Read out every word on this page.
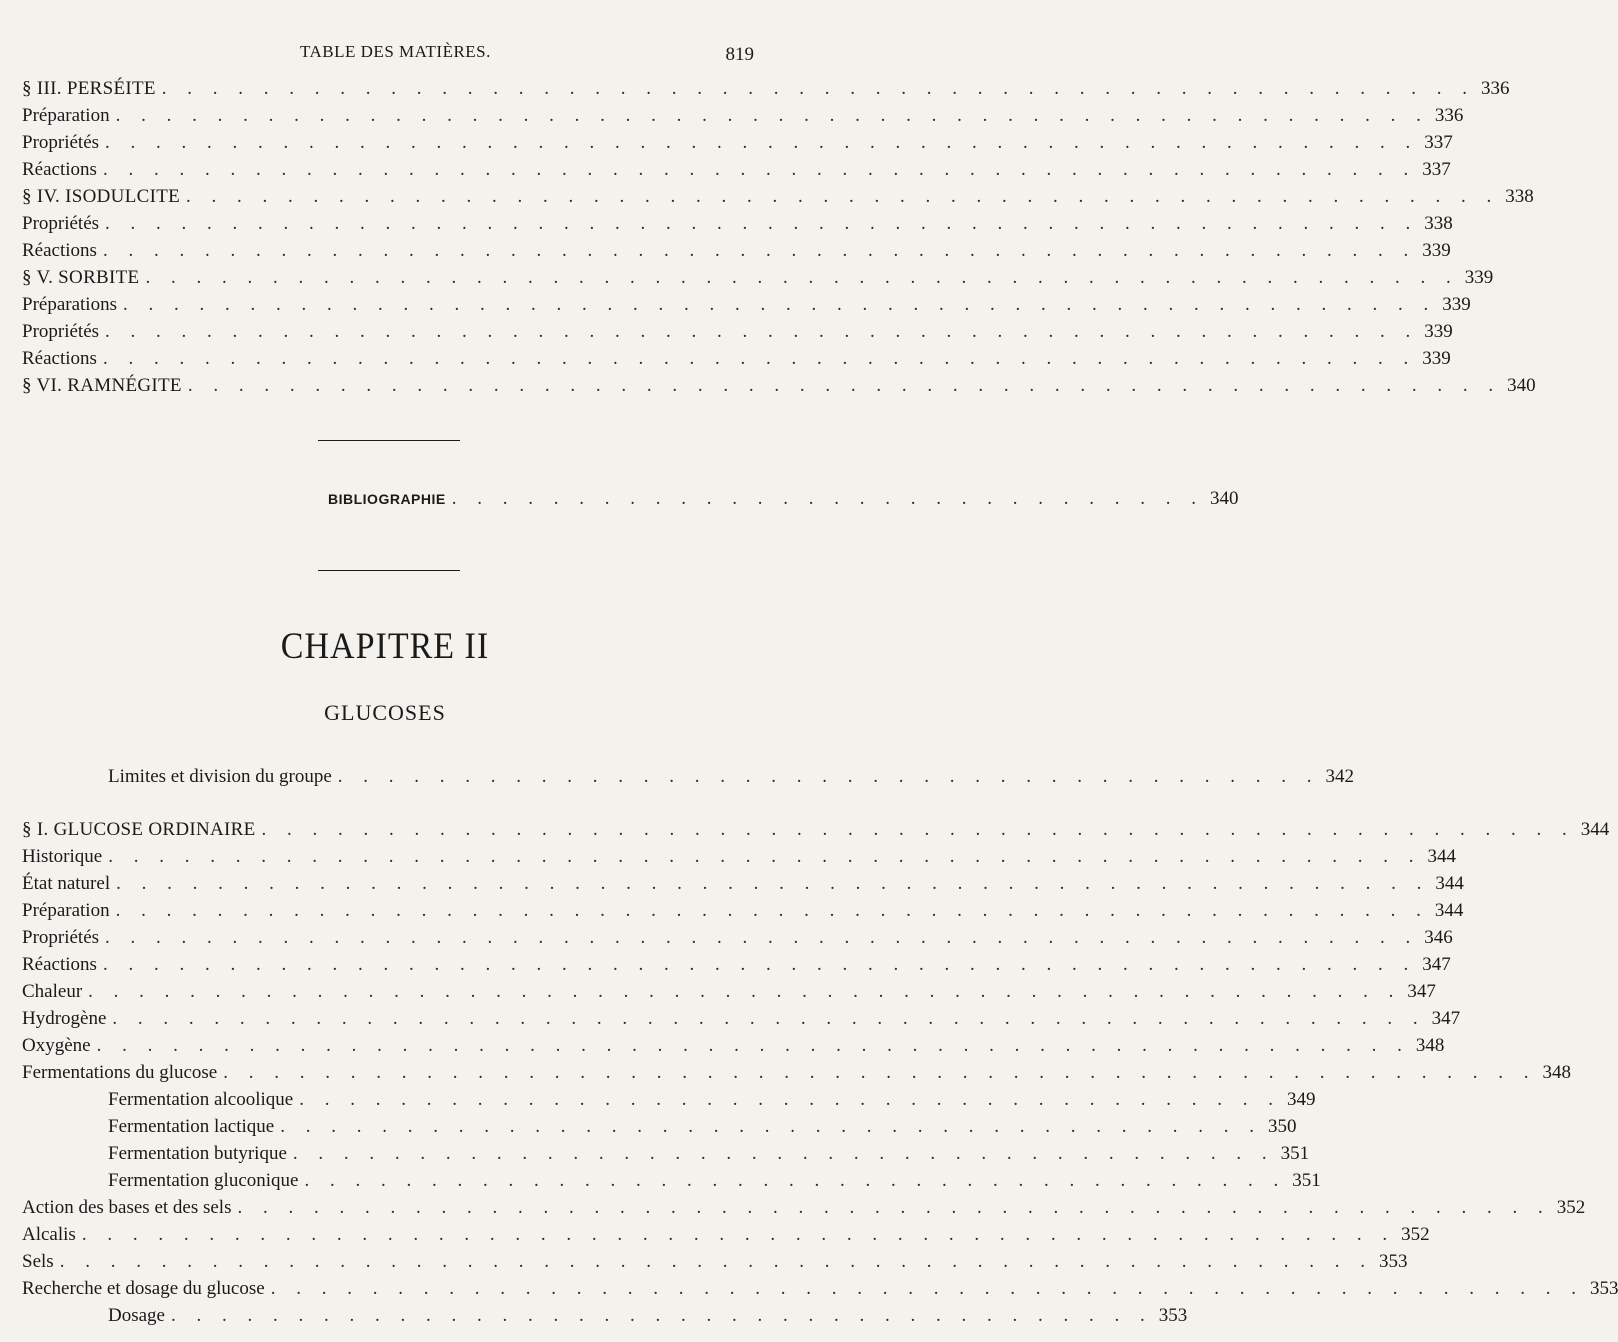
TABLE DES MATIÈRES.	819
§ III. PERSÉITE . . . . . . . . . . . . . . . . . . . . . . . . . . . . . . . . . . . . . . . . . . . . . . . . . . . . 336
Préparation . . . . . . . . . . . . . . . . . . . . . . . . . . . . . . . . . . . . . . . . . . . . . . . . . . . . 336
Propriétés . . . . . . . . . . . . . . . . . . . . . . . . . . . . . . . . . . . . . . . . . . . . . . . . . . . . 337
Réactions . . . . . . . . . . . . . . . . . . . . . . . . . . . . . . . . . . . . . . . . . . . . . . . . . . . . 337
§ IV. ISODULCITE . . . . . . . . . . . . . . . . . . . . . . . . . . . . . . . . . . . . . . . . . . . . . . . . . . . . 338
Propriétés . . . . . . . . . . . . . . . . . . . . . . . . . . . . . . . . . . . . . . . . . . . . . . . . . . . . 338
Réactions . . . . . . . . . . . . . . . . . . . . . . . . . . . . . . . . . . . . . . . . . . . . . . . . . . . . 339
§ V. SORBITE . . . . . . . . . . . . . . . . . . . . . . . . . . . . . . . . . . . . . . . . . . . . . . . . . . . . 339
Préparations . . . . . . . . . . . . . . . . . . . . . . . . . . . . . . . . . . . . . . . . . . . . . . . . . . . . 339
Propriétés . . . . . . . . . . . . . . . . . . . . . . . . . . . . . . . . . . . . . . . . . . . . . . . . . . . . 339
Réactions . . . . . . . . . . . . . . . . . . . . . . . . . . . . . . . . . . . . . . . . . . . . . . . . . . . . 339
§ VI. RAMNÉGITE . . . . . . . . . . . . . . . . . . . . . . . . . . . . . . . . . . . . . . . . . . . . . . . . . . . . 340
BIBLIOGRAPHIE . . . . . . . . . . . . . . . . . . . . . . . . . . . . . . 340
CHAPITRE II
GLUCOSES
Limites et division du groupe . . . . . . . . . . . . . . . . . . . . . . . . . . . . . . . . . . . . . . . 342
§ I. GLUCOSE ORDINAIRE . . . . . . . . . . . . . . . . . . . . . . . . . . . . . . . . . . . . . . . . . . . . . . . . . . . . 344
Historique . . . . . . . . . . . . . . . . . . . . . . . . . . . . . . . . . . . . . . . . . . . . . . . . . . . . 344
État naturel . . . . . . . . . . . . . . . . . . . . . . . . . . . . . . . . . . . . . . . . . . . . . . . . . . . . 344
Préparation . . . . . . . . . . . . . . . . . . . . . . . . . . . . . . . . . . . . . . . . . . . . . . . . . . . . 344
Propriétés . . . . . . . . . . . . . . . . . . . . . . . . . . . . . . . . . . . . . . . . . . . . . . . . . . . . 346
Réactions . . . . . . . . . . . . . . . . . . . . . . . . . . . . . . . . . . . . . . . . . . . . . . . . . . . . 347
Chaleur . . . . . . . . . . . . . . . . . . . . . . . . . . . . . . . . . . . . . . . . . . . . . . . . . . . . 347
Hydrogène . . . . . . . . . . . . . . . . . . . . . . . . . . . . . . . . . . . . . . . . . . . . . . . . . . . . 347
Oxygène . . . . . . . . . . . . . . . . . . . . . . . . . . . . . . . . . . . . . . . . . . . . . . . . . . . . 348
Fermentations du glucose . . . . . . . . . . . . . . . . . . . . . . . . . . . . . . . . . . . . . . . . . . . . . . . . . . . . 348
Fermentation alcoolique . . . . . . . . . . . . . . . . . . . . . . . . . . . . . . . . . . . . . . . 349
Fermentation lactique . . . . . . . . . . . . . . . . . . . . . . . . . . . . . . . . . . . . . . . 350
Fermentation butyrique . . . . . . . . . . . . . . . . . . . . . . . . . . . . . . . . . . . . . . . 351
Fermentation gluconique . . . . . . . . . . . . . . . . . . . . . . . . . . . . . . . . . . . . . . . 351
Action des bases et des sels . . . . . . . . . . . . . . . . . . . . . . . . . . . . . . . . . . . . . . . . . . . . . . . . . . . . 352
Alcalis . . . . . . . . . . . . . . . . . . . . . . . . . . . . . . . . . . . . . . . . . . . . . . . . . . . . 352
Sels . . . . . . . . . . . . . . . . . . . . . . . . . . . . . . . . . . . . . . . . . . . . . . . . . . . . 353
Recherche et dosage du glucose . . . . . . . . . . . . . . . . . . . . . . . . . . . . . . . . . . . . . . . . . . . . . . . . . . . . 353
Dosage . . . . . . . . . . . . . . . . . . . . . . . . . . . . . . . . . . . . . . . 353
